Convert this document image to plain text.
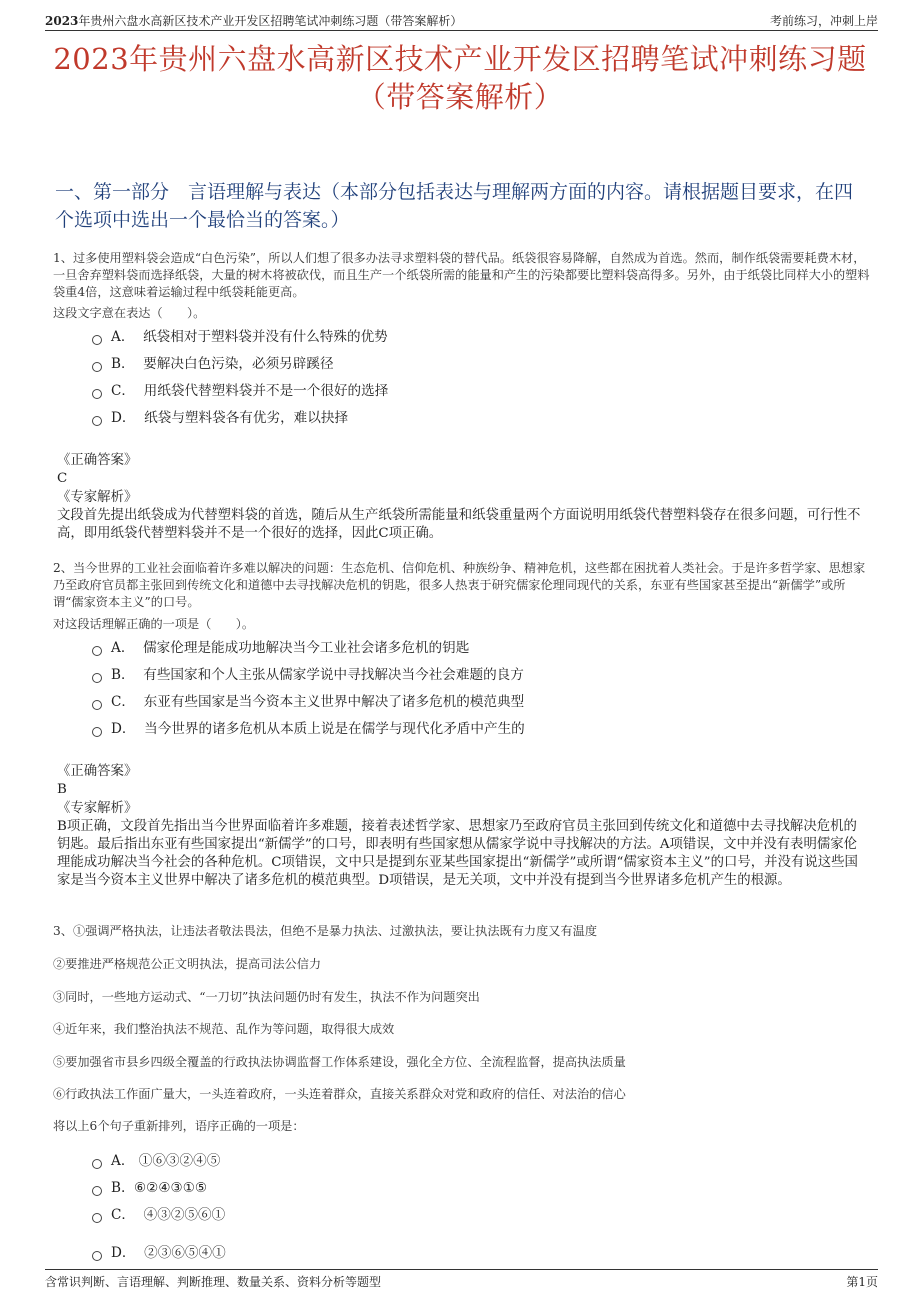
2023年贵州六盘水高新区技术产业开发区招聘笔试冲刺练习题（带答案解析）	考前练习，冲刺上岸
2023年贵州六盘水高新区技术产业开发区招聘笔试冲刺练习题
（带答案解析）
一、第一部分　言语理解与表达（本部分包括表达与理解两方面的内容。请根据题目要求，在四个选项中选出一个最恰当的答案。）
1、过多使用塑料袋会造成“白色污染”，所以人们想了很多办法寻求塑料袋的替代品。纸袋很容易降解，自然成为首选。然而，制作纸袋需要耗费木材，一旦舍弃塑料袋而选择纸袋，大量的树木将被砍伐，而且生产一个纸袋所需的能量和产生的污染都要比塑料袋高得多。另外，由于纸袋比同样大小的塑料袋重4倍，这意味着运输过程中纸袋耗能更高。
这段文字意在表达（　　）。
A． 纸袋相对于塑料袋并没有什么特殊的优势
B． 要解决白色污染，必须另辟蹊径
C． 用纸袋代替塑料袋并不是一个很好的选择
D． 纸袋与塑料袋各有优劣，难以抉择
《正确答案》
C
《专家解析》
文段首先提出纸袋成为代替塑料袋的首选，随后从生产纸袋所需能量和纸袋重量两个方面说明用纸袋代替塑料袋存在很多问题，可行性不高，即用纸袋代替塑料袋并不是一个很好的选择，因此C项正确。
2、当今世界的工业社会面临着许多难以解决的问题：生态危机、信仰危机、种族纷争、精神危机，这些都在困扰着人类社会。于是许多哲学家、思想家乃至政府官员都主张回到传统文化和道德中去寻找解决危机的钥匙，很多人热衷于研究儒家伦理同现代的关系，东亚有些国家甚至提出“新儒学”或所谓“儒家资本主义”的口号。
对这段话理解正确的一项是（　　）。
A． 儒家伦理是能成功地解决当今工业社会诸多危机的钥匙
B． 有些国家和个人主张从儒家学说中寻找解决当今社会难题的良方
C． 东亚有些国家是当今资本主义世界中解决了诸多危机的模范典型
D． 当今世界的诸多危机从本质上说是在儒学与现代化矛盾中产生的
《正确答案》
B
《专家解析》
B项正确，文段首先指出当今世界面临着许多难题，接着表述哲学家、思想家乃至政府官员主张回到传统文化和道德中去寻找解决危机的钥匙。最后指出东亚有些国家提出“新儒学”的口号，即表明有些国家想从儒家学说中寻找解决的方法。A项错误，文中并没有表明儒家伦理能成功解决当今社会的各种危机。C项错误，文中只是提到东亚某些国家提出“新儒学”或所谓“儒家资本主义”的口号，并没有说这些国家是当今资本主义世界中解决了诸多危机的模范典型。D项错误，是无关项，文中并没有提到当今世界诸多危机产生的根源。
3、①强调严格执法，让违法者敬法畏法，但绝不是暴力执法、过激执法，要让执法既有力度又有温度
②要推进严格规范公正文明执法，提高司法公信力
③同时，一些地方运动式、“一刀切”执法问题仍时有发生，执法不作为问题突出
④近年来，我们整治执法不规范、乱作为等问题，取得很大成效
⑤要加强省市县乡四级全覆盖的行政执法协调监督工作体系建设，强化全方位、全流程监督，提高执法质量
⑥行政执法工作面广量大，一头连着政府，一头连着群众，直接关系群众对党和政府的信任、对法治的信心
将以上6个句子重新排列，语序正确的一项是：
A． ①⑥③②④⑤
B. ⑥②④③①⑤
C． ④③②⑤⑥①
D． ②③⑥⑤④①
含常识判断、言语理解、判断推理、数量关系、资料分析等题型	第1页
